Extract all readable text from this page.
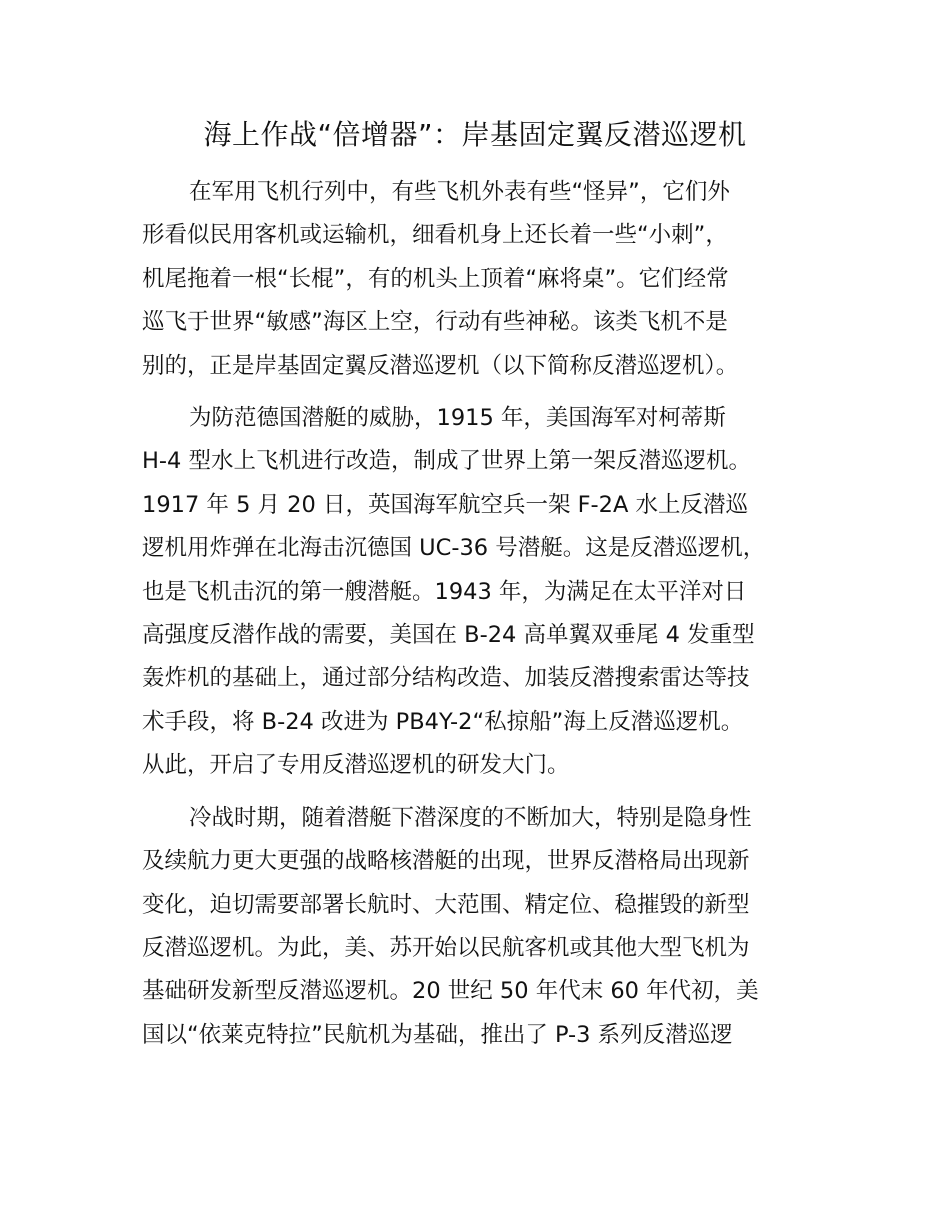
海上作战“倍增器”：岸基固定翼反潜巡逻机
在军用飞机行列中，有些飞机外表有些“怪异”，它们外
形看似民用客机或运输机，细看机身上还长着一些“小刺”，
机尾拖着一根“长棍”，有的机头上顶着“麻将桌”。它们经常
巡飞于世界“敏感”海区上空，行动有些神秘。该类飞机不是
别的，正是岸基固定翼反潜巡逻机（以下简称反潜巡逻机）。
为防范德国潜艇的威胁，1915 年，美国海军对柯蒂斯
H-4 型水上飞机进行改造，制成了世界上第一架反潜巡逻机。
1917 年 5 月 20 日，英国海军航空兵一架 F-2A 水上反潜巡
逻机用炸弹在北海击沉德国 UC-36 号潜艇。这是反潜巡逻机，
也是飞机击沉的第一艘潜艇。1943 年，为满足在太平洋对日
高强度反潜作战的需要，美国在 B-24 高单翼双垂尾 4 发重型
轰炸机的基础上，通过部分结构改造、加装反潜搜索雷达等技
术手段，将 B-24 改进为 PB4Y-2“私掠船”海上反潜巡逻机。
从此，开启了专用反潜巡逻机的研发大门。
冷战时期，随着潜艇下潜深度的不断加大，特别是隐身性
及续航力更大更强的战略核潜艇的出现，世界反潜格局出现新
变化，迫切需要部署长航时、大范围、精定位、稳摧毁的新型
反潜巡逻机。为此，美、苏开始以民航客机或其他大型飞机为
基础研发新型反潜巡逻机。20 世纪 50 年代末 60 年代初，美
国以“依莱克特拉”民航机为基础，推出了 P-3 系列反潜巡逻
